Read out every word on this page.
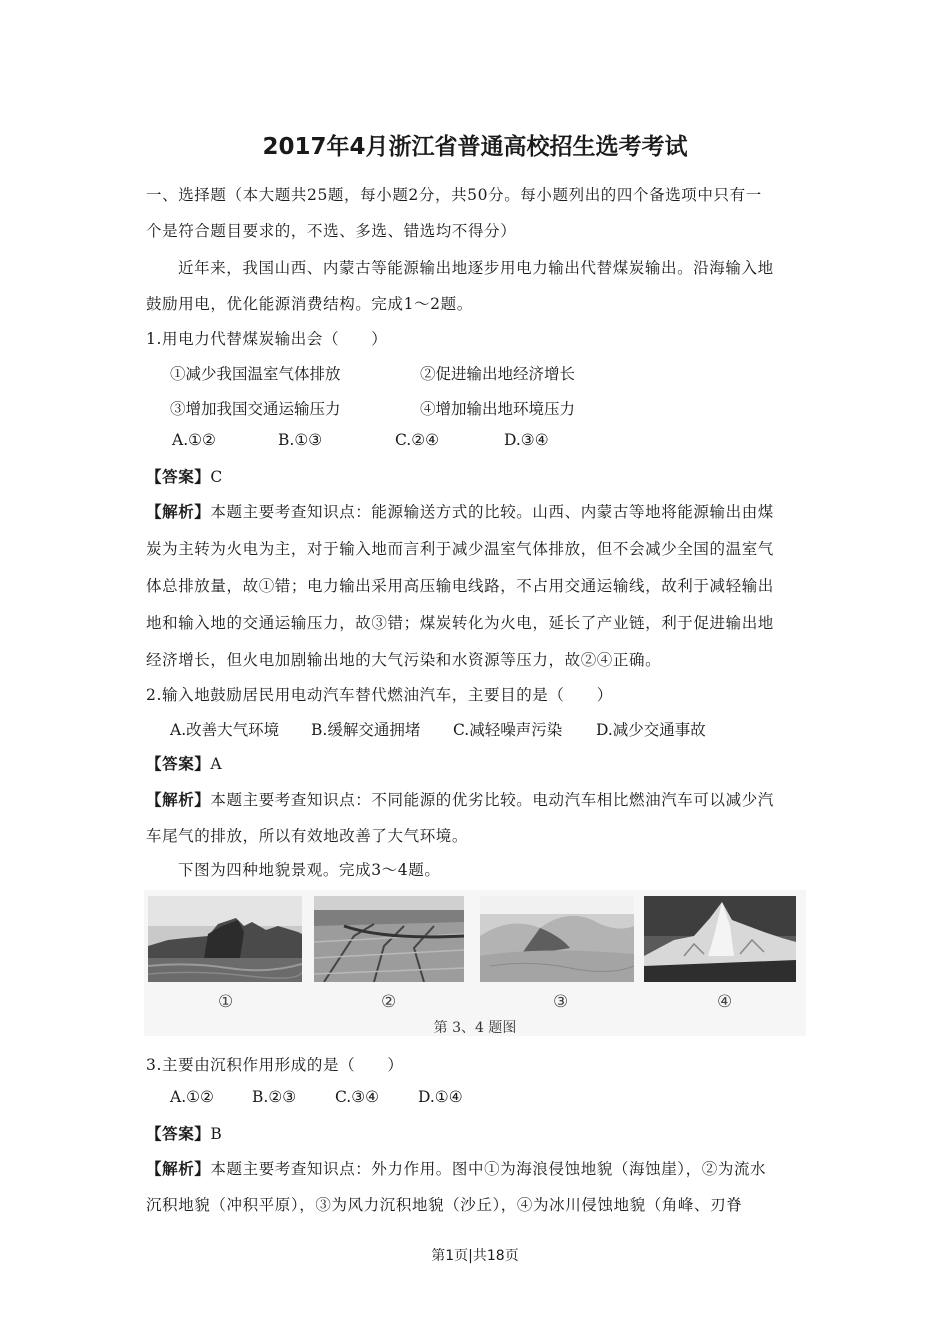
2017年4月浙江省普通高校招生选考考试
一、选择题（本大题共25题，每小题2分，共50分。每小题列出的四个备选项中只有一
个是符合题目要求的，不选、多选、错选均不得分）
近年来，我国山西、内蒙古等能源输出地逐步用电力输出代替煤炭输出。沿海输入地
鼓励用电，优化能源消费结构。完成1～2题。
1.用电力代替煤炭输出会（　　）
①减少我国温室气体排放	②促进输出地经济增长
③增加我国交通运输压力	④增加输出地环境压力
A.①②	B.①③	C.②④	D.③④
【答案】C
【解析】本题主要考查知识点：能源输送方式的比较。山西、内蒙古等地将能源输出由煤
炭为主转为火电为主，对于输入地而言利于减少温室气体排放，但不会减少全国的温室气
体总排放量，故①错；电力输出采用高压输电线路，不占用交通运输线，故利于减轻输出
地和输入地的交通运输压力，故③错；煤炭转化为火电，延长了产业链，利于促进输出地
经济增长，但火电加剧输出地的大气污染和水资源等压力，故②④正确。
2.输入地鼓励居民用电动汽车替代燃油汽车，主要目的是（　　）
A.改善大气环境 B.缓解交通拥堵 C.减轻噪声污染 D.减少交通事故
【答案】A
【解析】本题主要考查知识点：不同能源的优劣比较。电动汽车相比燃油汽车可以减少汽
车尾气的排放，所以有效地改善了大气环境。
下图为四种地貌景观。完成3～4题。
①	②	③	④
第 3、4 题图
3.主要由沉积作用形成的是（　　）
A.①② B.②③	C.③④	D.①④
【答案】B
【解析】本题主要考查知识点：外力作用。图中①为海浪侵蚀地貌（海蚀崖），②为流水
沉积地貌（冲积平原），③为风力沉积地貌（沙丘），④为冰川侵蚀地貌（角峰、刃脊
第1页|共18页
